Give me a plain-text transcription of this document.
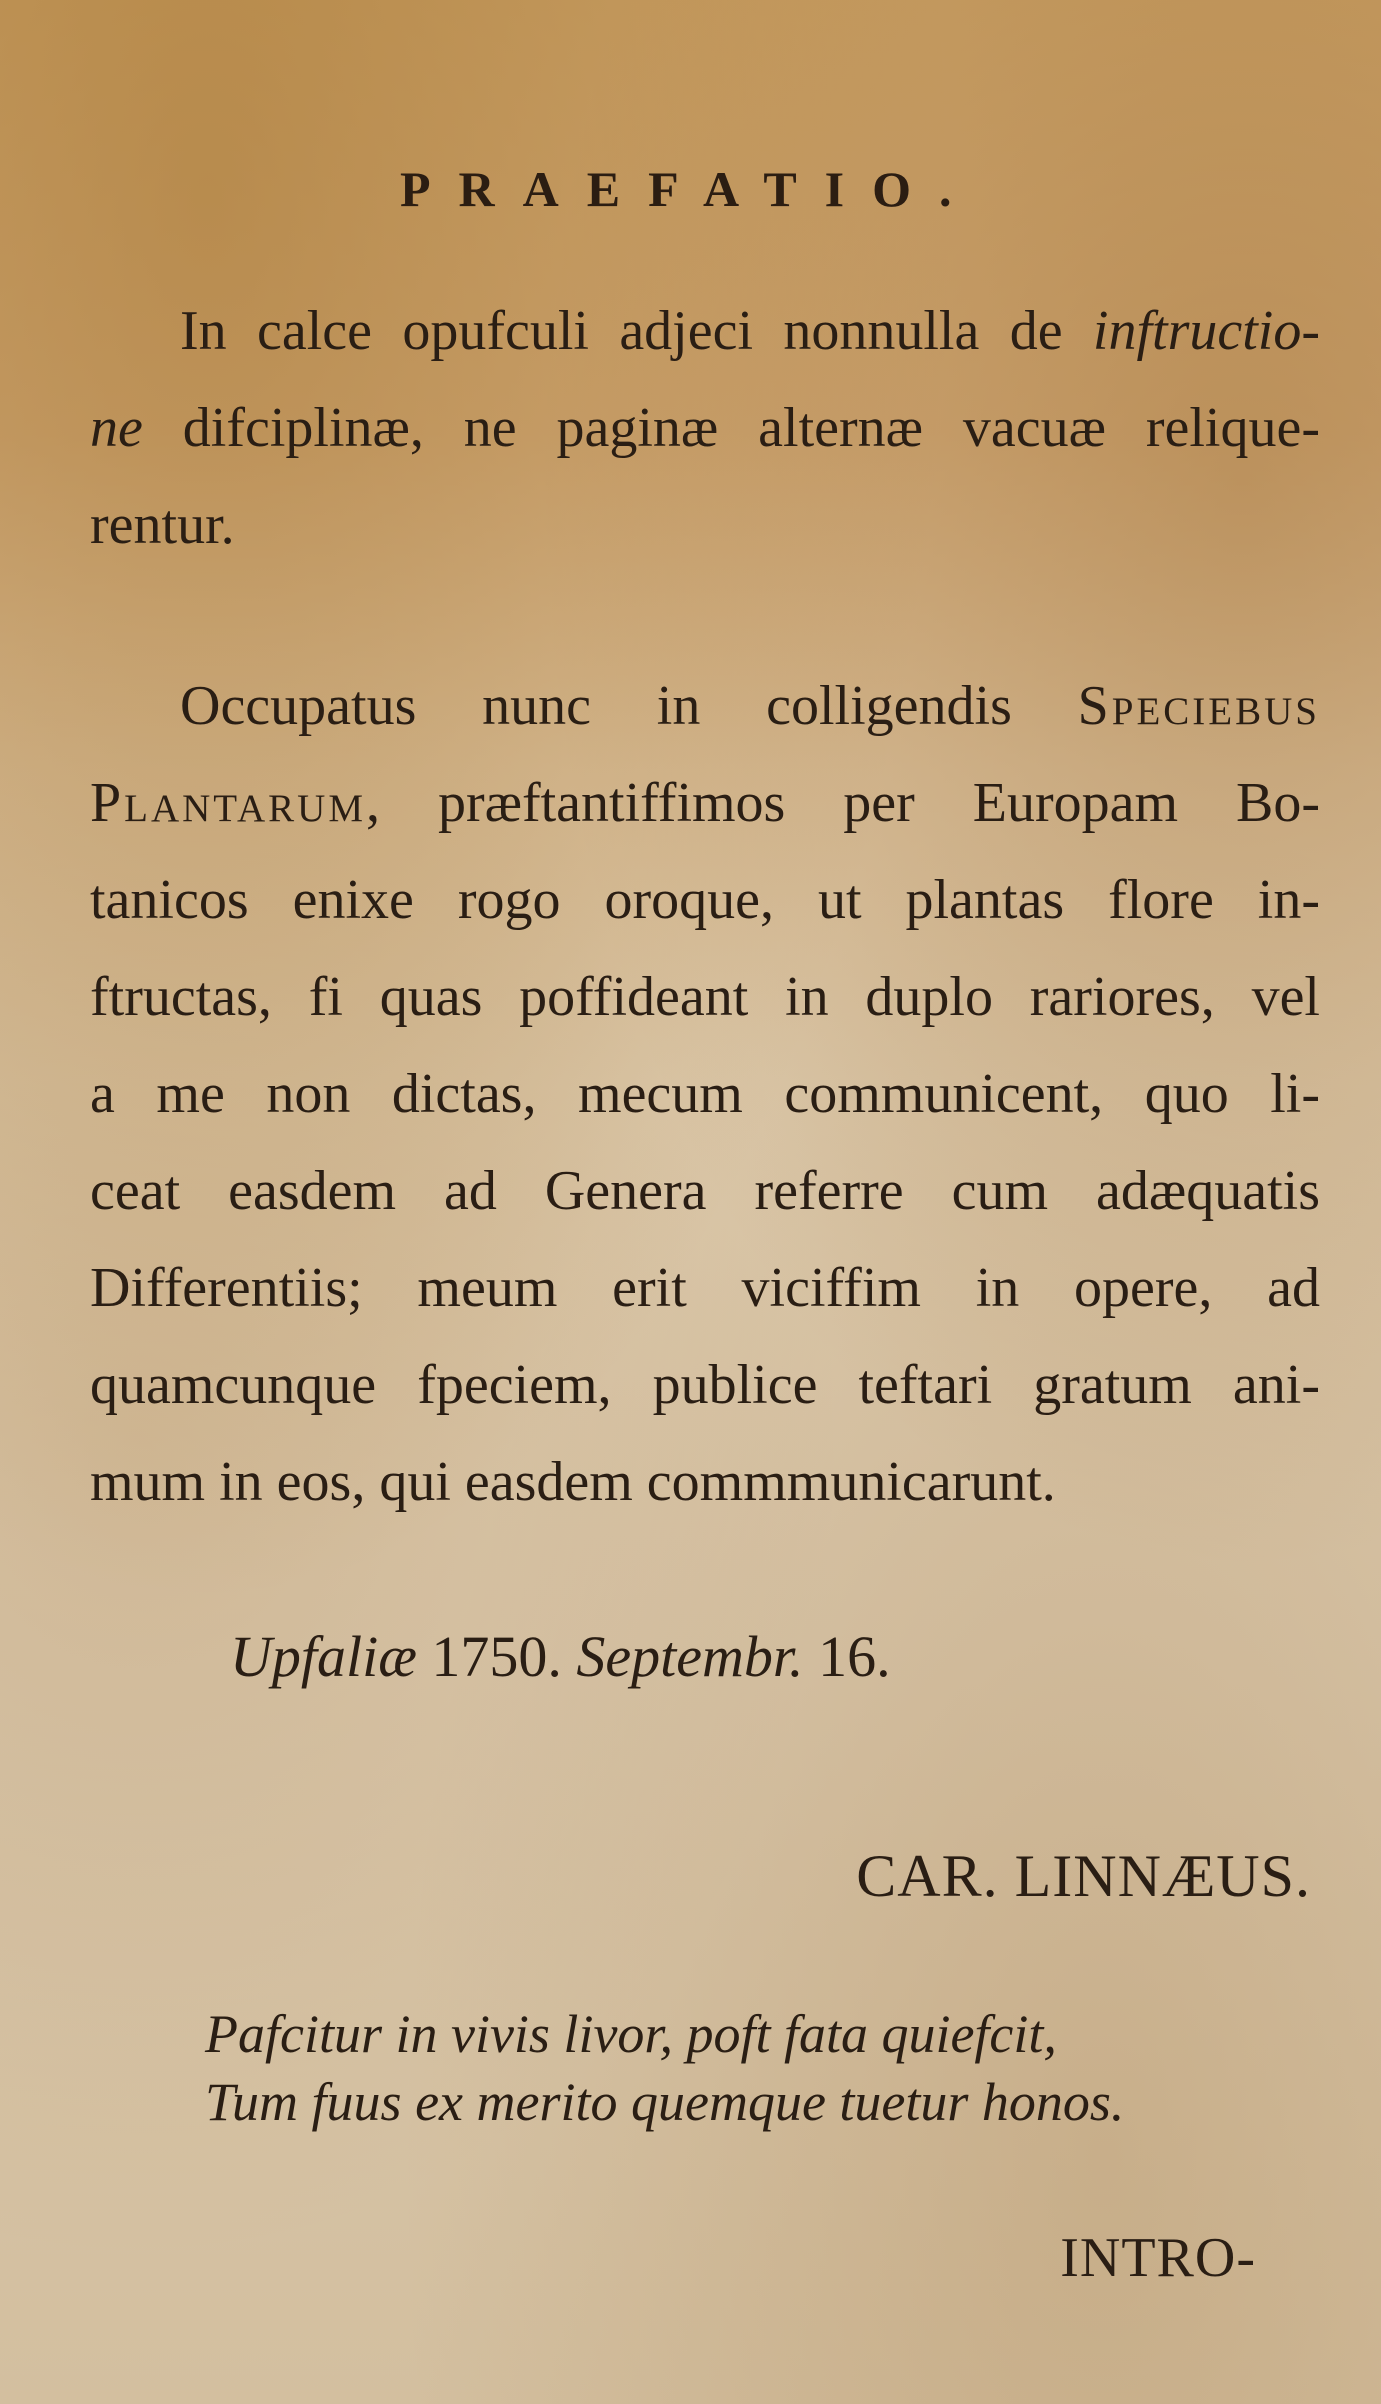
PRAEFATIO.
In calce opufculi adjeci nonnulla de inftructio-
ne difciplinæ, ne paginæ alternæ vacuæ relique-
rentur.
Occupatus nunc in colligendis Speciebus
Plantarum, præftantiffimos per Europam Bo-
tanicos enixe rogo oroque, ut plantas flore in-
ftructas, fi quas poffideant in duplo rariores, vel
a me non dictas, mecum communicent, quo li-
ceat easdem ad Genera referre cum adæquatis
Differentiis; meum erit viciffim in opere, ad
quamcunque fpeciem, publice teftari gratum ani-
mum in eos, qui easdem commmunicarunt.
Upfaliæ 1750. Septembr. 16.
CAR. LINNÆUS.
Pafcitur in vivis livor, poft fata quiefcit,
Tum fuus ex merito quemque tuetur honos.
INTRO-
